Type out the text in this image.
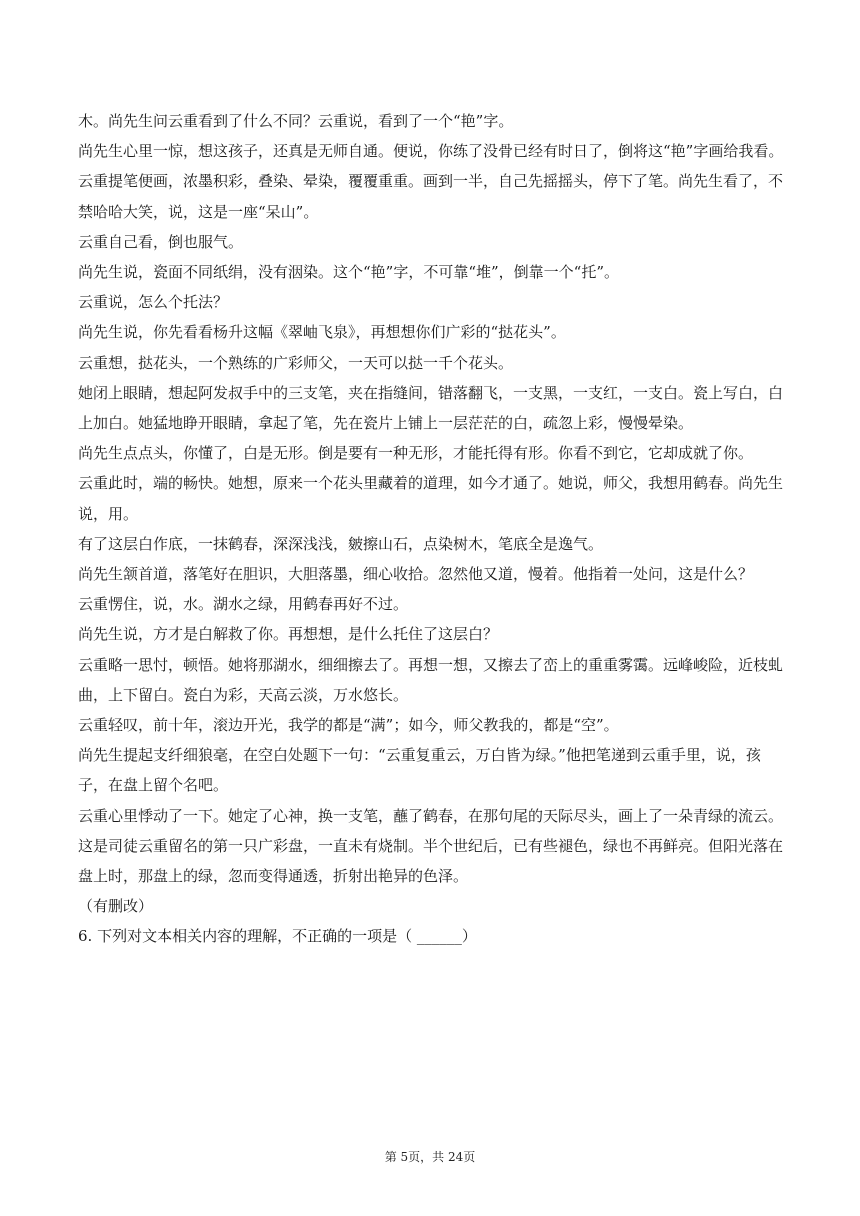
木。尚先生问云重看到了什么不同？云重说，看到了一个“艳”字。

尚先生心里一惊，想这孩子，还真是无师自通。便说，你练了没骨已经有时日了，倒将这“艳”字画给我看。

云重提笔便画，浓墨积彩，叠染、晕染，覆覆重重。画到一半，自己先摇摇头，停下了笔。尚先生看了，不禁哈哈大笑，说，这是一座“呆山”。

云重自己看，倒也服气。

尚先生说，瓷面不同纸绢，没有洇染。这个“艳”字，不可靠“堆”，倒靠一个“托”。

云重说，怎么个托法？

尚先生说，你先看看杨升这幅《翠岫飞泉》，再想想你们广彩的“挞花头”。

云重想，挞花头，一个熟练的广彩师父，一天可以挞一千个花头。

她闭上眼睛，想起阿发叔手中的三支笔，夹在指缝间，错落翻飞，一支黑，一支红，一支白。瓷上写白，白上加白。她猛地睁开眼睛，拿起了笔，先在瓷片上铺上一层茫茫的白，疏忽上彩，慢慢晕染。

尚先生点点头，你懂了，白是无形。倒是要有一种无形，才能托得有形。你看不到它，它却成就了你。

云重此时，端的畅快。她想，原来一个花头里藏着的道理，如今才通了。她说，师父，我想用鹤春。尚先生说，用。

有了这层白作底，一抹鹤春，深深浅浅，皴擦山石，点染树木，笔底全是逸气。

尚先生颔首道，落笔好在胆识，大胆落墨，细心收拾。忽然他又道，慢着。他指着一处问，这是什么？

云重愣住，说，水。湖水之绿，用鹤春再好不过。

尚先生说，方才是白解救了你。再想想，是什么托住了这层白？

云重略一思忖，顿悟。她将那湖水，细细擦去了。再想一想，又擦去了峦上的重重雾霭。远峰峻险，近枝虬曲，上下留白。瓷白为彩，天高云淡，万水悠长。

云重轻叹，前十年，滚边开光，我学的都是“满”；如今，师父教我的，都是“空”。

尚先生提起支纤细狼毫，在空白处题下一句：“云重复重云，万白皆为绿。”他把笔递到云重手里，说，孩子，在盘上留个名吧。

云重心里悸动了一下。她定了心神，换一支笔，蘸了鹤春，在那句尾的天际尽头，画上了一朵青绿的流云。这是司徒云重留名的第一只广彩盘，一直未有烧制。半个世纪后，已有些褪色，绿也不再鲜亮。但阳光落在盘上时，那盘上的绿，忽而变得通透，折射出艳异的色泽。

（有删改）

6. 下列对文本相关内容的理解，不正确的一项是（ ______）

第 5页，共 24页
